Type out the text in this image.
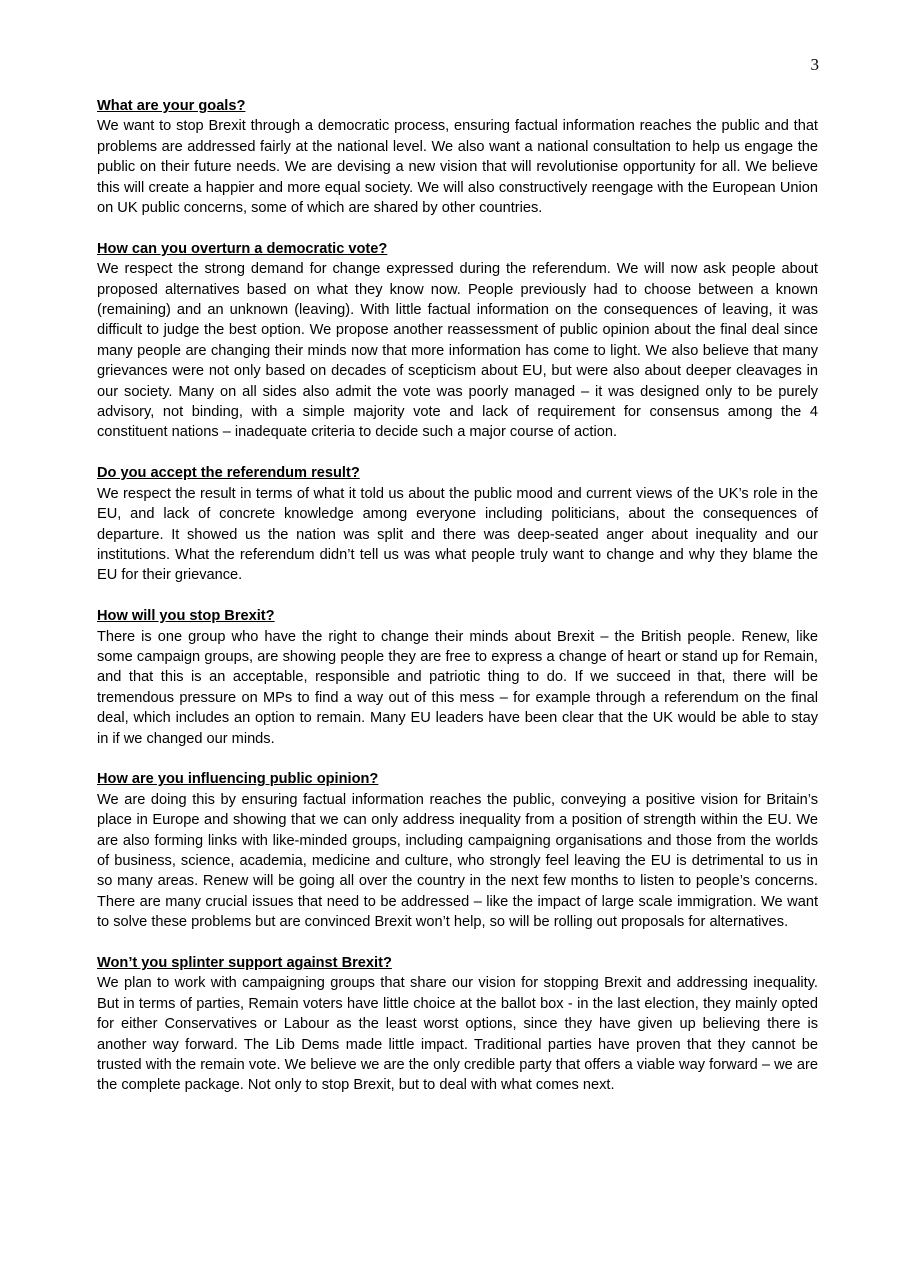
3

What are your goals?

We want to stop Brexit through a democratic process, ensuring factual information reaches the public and that problems are addressed fairly at the national level. We also want a national consultation to help us engage the public on their future needs. We are devising a new vision that will revolutionise opportunity for all. We believe this will create a happier and more equal society. We will also constructively reengage with the European Union on UK public concerns, some of which are shared by other countries.

How can you overturn a democratic vote?

We respect the strong demand for change expressed during the referendum. We will now ask people about proposed alternatives based on what they know now. People previously had to choose between a known (remaining) and an unknown (leaving). With little factual information on the consequences of leaving, it was difficult to judge the best option. We propose another reassessment of public opinion about the final deal since many people are changing their minds now that more information has come to light. We also believe that many grievances were not only based on decades of scepticism about EU, but were also about deeper cleavages in our society. Many on all sides also admit the vote was poorly managed – it was designed only to be purely advisory, not binding, with a simple majority vote and lack of requirement for consensus among the 4 constituent nations – inadequate criteria to decide such a major course of action.

Do you accept the referendum result?

We respect the result in terms of what it told us about the public mood and current views of the UK’s role in the EU, and lack of concrete knowledge among everyone including politicians, about the consequences of departure. It showed us the nation was split and there was deep-seated anger about inequality and our institutions. What the referendum didn’t tell us was what people truly want to change and why they blame the EU for their grievance.

How will you stop Brexit?

There is one group who have the right to change their minds about Brexit – the British people. Renew, like some campaign groups, are showing people they are free to express a change of heart or stand up for Remain, and that this is an acceptable, responsible and patriotic thing to do. If we succeed in that, there will be tremendous pressure on MPs to find a way out of this mess – for example through a referendum on the final deal, which includes an option to remain. Many EU leaders have been clear that the UK would be able to stay in if we changed our minds.

How are you influencing public opinion?

We are doing this by ensuring factual information reaches the public, conveying a positive vision for Britain’s place in Europe and showing that we can only address inequality from a position of strength within the EU. We are also forming links with like-minded groups, including campaigning organisations and those from the worlds of business, science, academia, medicine and culture, who strongly feel leaving the EU is detrimental to us in so many areas. Renew will be going all over the country in the next few months to listen to people’s concerns. There are many crucial issues that need to be addressed – like the impact of large scale immigration. We want to solve these problems but are convinced Brexit won’t help, so will be rolling out proposals for alternatives.

Won’t you splinter support against Brexit?

We plan to work with campaigning groups that share our vision for stopping Brexit and addressing inequality. But in terms of parties, Remain voters have little choice at the ballot box - in the last election, they mainly opted for either Conservatives or Labour as the least worst options, since they have given up believing there is another way forward. The Lib Dems made little impact. Traditional parties have proven that they cannot be trusted with the remain vote. We believe we are the only credible party that offers a viable way forward – we are the complete package. Not only to stop Brexit, but to deal with what comes next.
